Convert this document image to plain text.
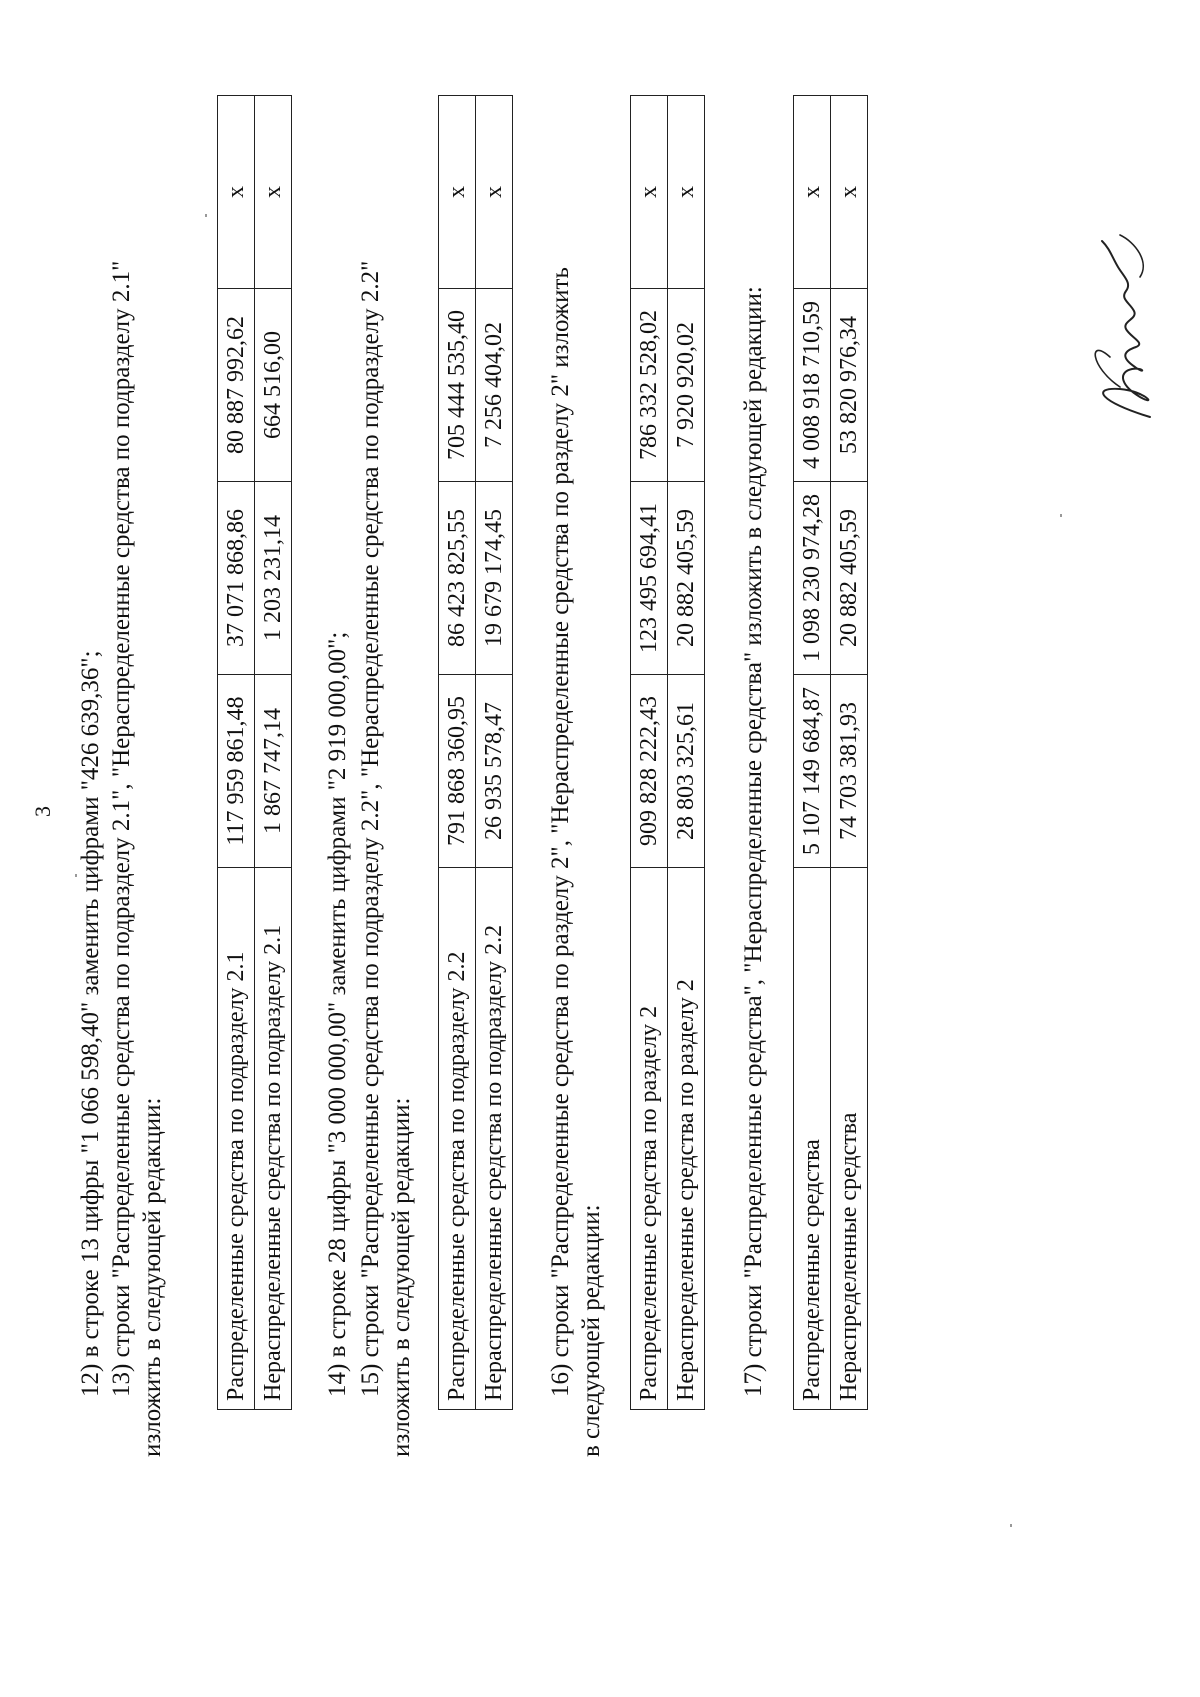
3 12) в строке 13 цифры "1 066 598,40" заменить цифрами "426 639,36"; 13) строки "Распределенные средства по подразделу 2.1", "Нераспределенные средства по подразделу 2.1" изложить в следующей редакции: Распределенные средства по подразделу 2.1	117 959 861,48	37 071 868,86	80 887 992,62	x
Нераспределенные средства по подразделу 2.1	1 867 747,14	1 203 231,14	664 516,00	x

14) в строке 28 цифры "3 000 000,00" заменить цифрами "2 919 000,00"; 15) строки "Распределенные средства по подразделу 2.2", "Нераспределенные средства по подразделу 2.2" изложить в следующей редакции: Распределенные средства по подразделу 2.2	791 868 360,95	86 423 825,55	705 444 535,40	x
Нераспределенные средства по подразделу 2.2	26 935 578,47	19 679 174,45	7 256 404,02	x

16) строки "Распределенные средства по разделу 2", "Нераспределенные средства по разделу 2" изложить в следующей редакции: Распределенные средства по разделу 2	909 828 222,43	123 495 694,41	786 332 528,02	x
Нераспределенные средства по разделу 2	28 803 325,61	20 882 405,59	7 920 920,02	x

17) строки "Распределенные средства", "Нераспределенные средства" изложить в следующей редакции: Распределенные средства	5 107 149 684,87	1 098 230 974,28	4 008 918 710,59	x
Нераспределенные средства	74 703 381,93	20 882 405,59	53 820 976,34	x
